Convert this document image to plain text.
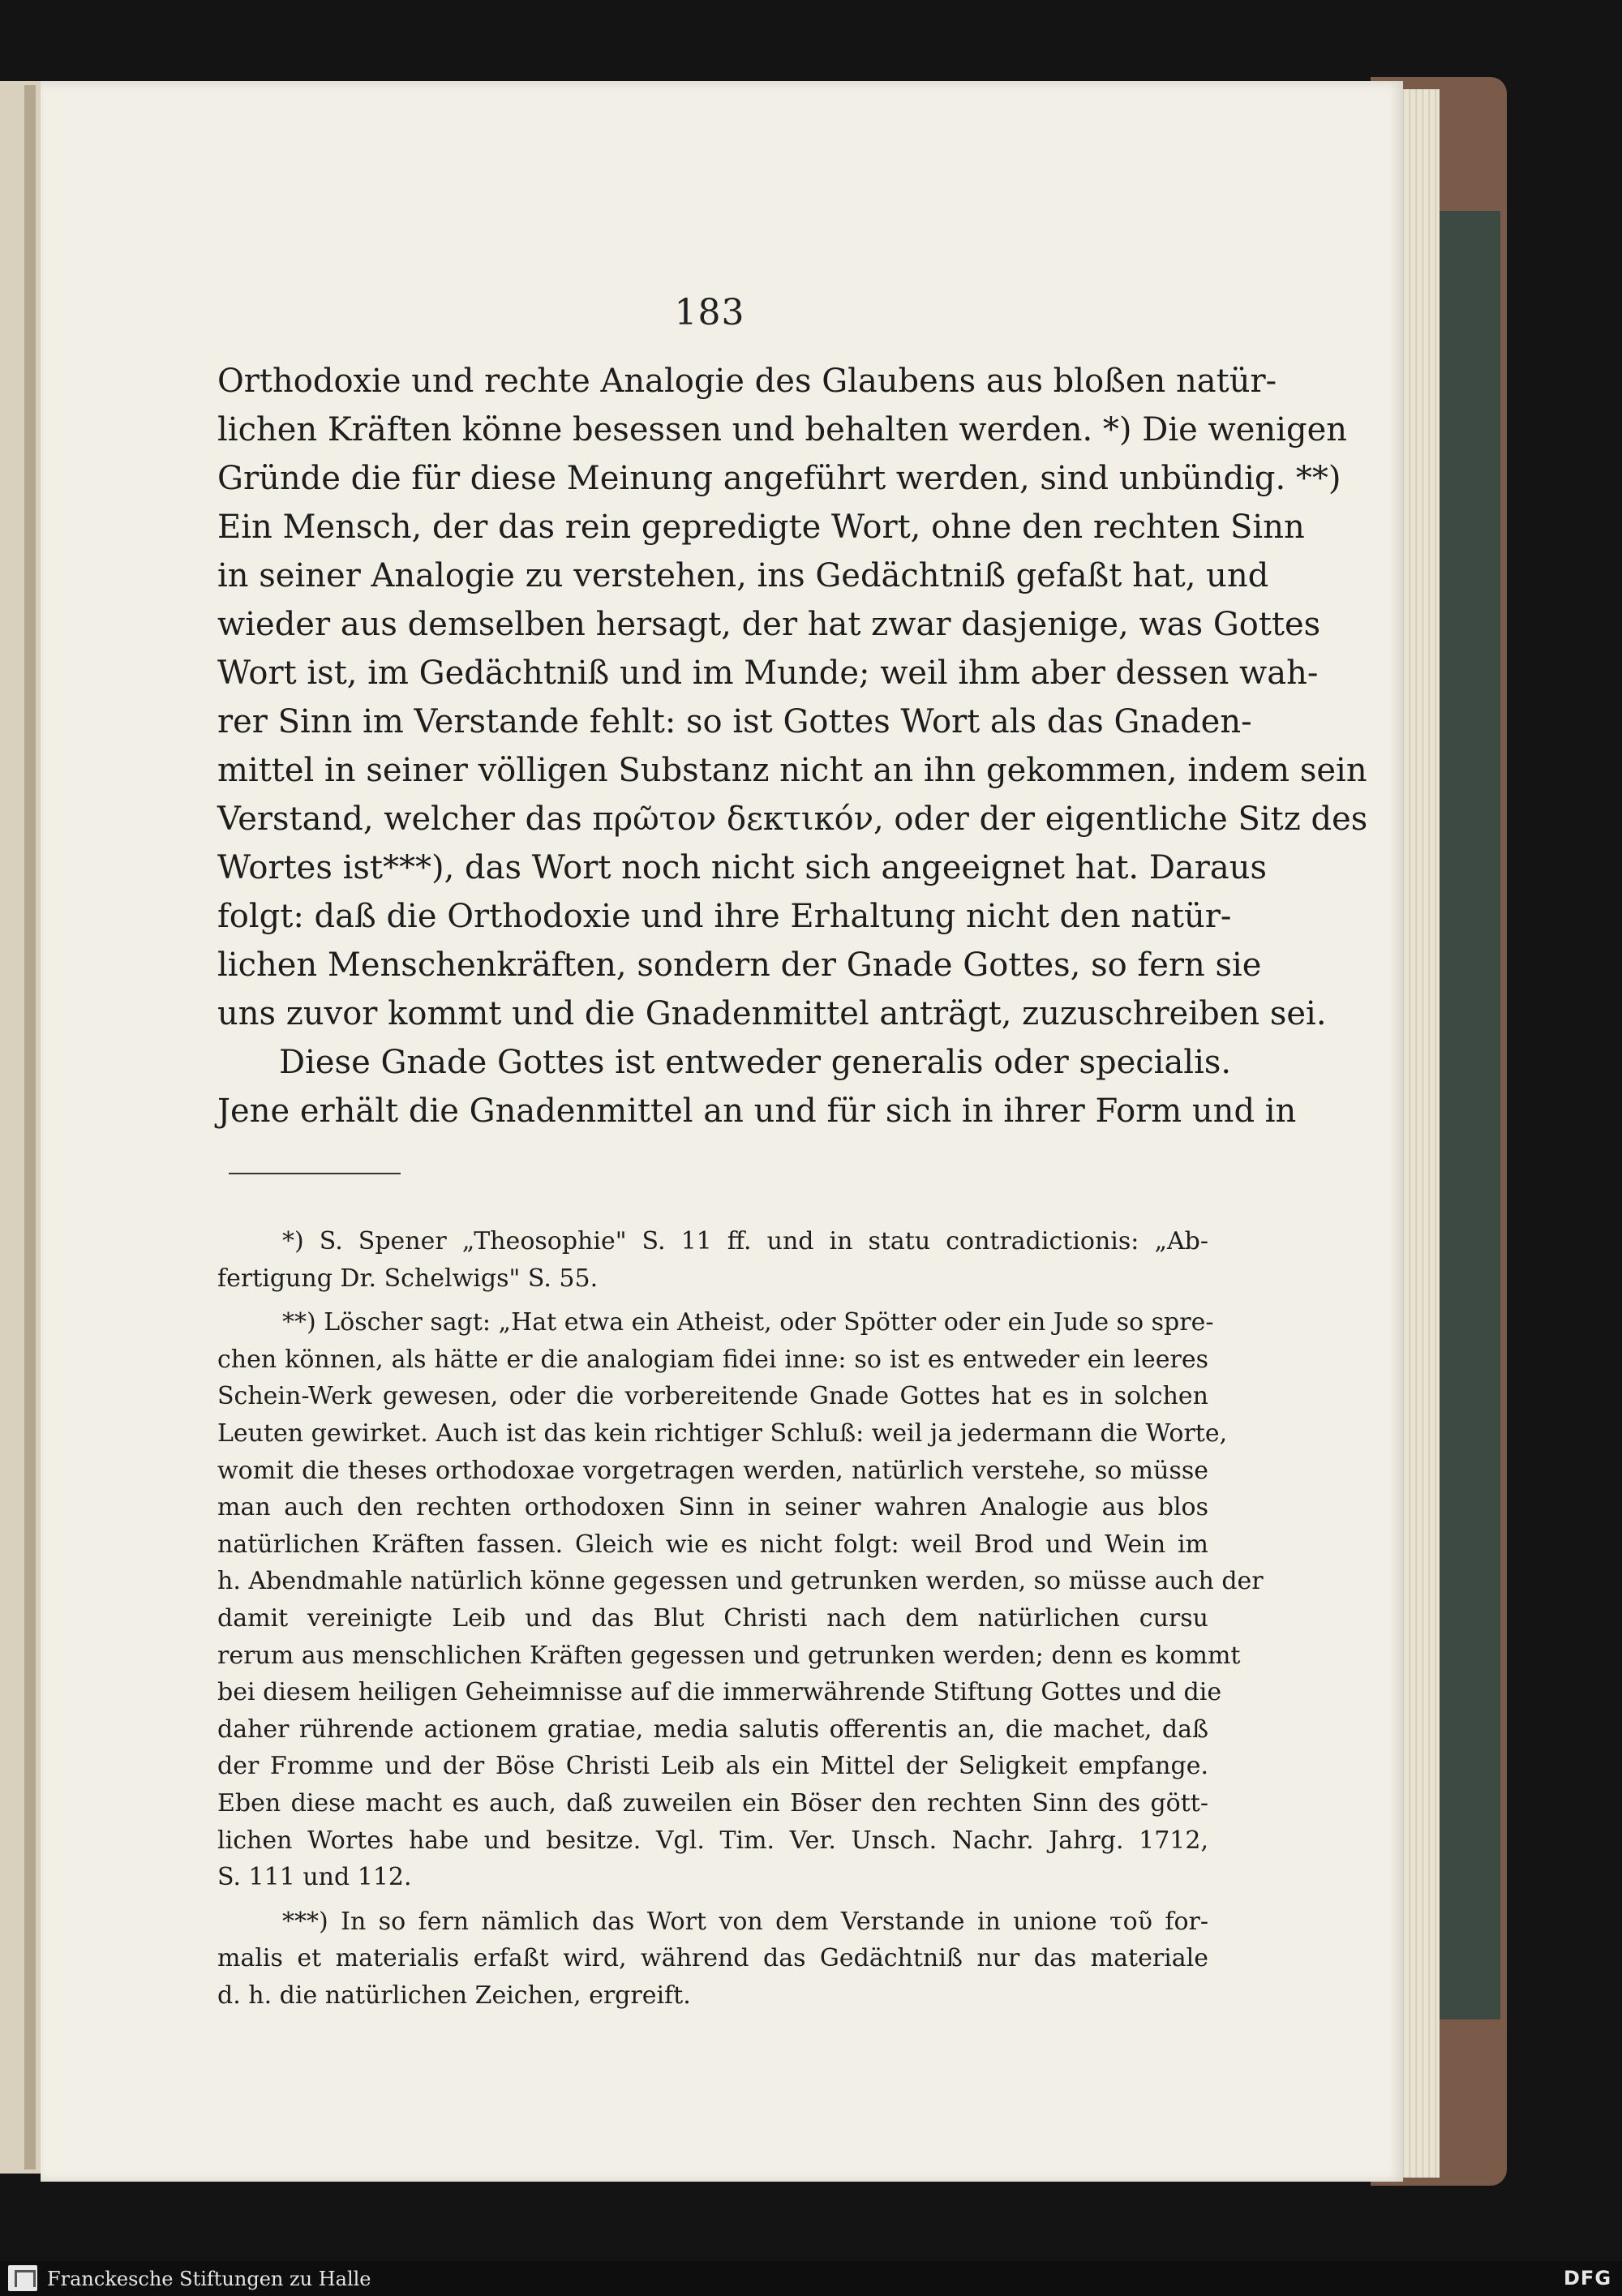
183
Orthodoxie und rechte Analogie des Glaubens aus bloßen natür-
lichen Kräften könne besessen und behalten werden. *) Die wenigen
Gründe die für diese Meinung angeführt werden, sind unbündig. **)
Ein Mensch, der das rein gepredigte Wort, ohne den rechten Sinn
in seiner Analogie zu verstehen, ins Gedächtniß gefaßt hat, und
wieder aus demselben hersagt, der hat zwar dasjenige, was Gottes
Wort ist, im Gedächtniß und im Munde; weil ihm aber dessen wah-
rer Sinn im Verstande fehlt: so ist Gottes Wort als das Gnaden-
mittel in seiner völligen Substanz nicht an ihn gekommen, indem sein
Verstand, welcher das πρῶτον δεκτικόν, oder der eigentliche Sitz des
Wortes ist***), das Wort noch nicht sich angeeignet hat. Daraus
folgt: daß die Orthodoxie und ihre Erhaltung nicht den natür-
lichen Menschenkräften, sondern der Gnade Gottes, so fern sie
uns zuvor kommt und die Gnadenmittel anträgt, zuzuschreiben sei.
Diese Gnade Gottes ist entweder generalis oder specialis.
Jene erhält die Gnadenmittel an und für sich in ihrer Form und in
*) S. Spener „Theosophie" S. 11 ff. und in statu contradictionis: „Ab-
fertigung Dr. Schelwigs" S. 55.
**) Löscher sagt: „Hat etwa ein Atheist, oder Spötter oder ein Jude so spre-
chen können, als hätte er die analogiam fidei inne: so ist es entweder ein leeres
Schein-Werk gewesen, oder die vorbereitende Gnade Gottes hat es in solchen
Leuten gewirket. Auch ist das kein richtiger Schluß: weil ja jedermann die Worte,
womit die theses orthodoxae vorgetragen werden, natürlich verstehe, so müsse
man auch den rechten orthodoxen Sinn in seiner wahren Analogie aus blos
natürlichen Kräften fassen. Gleich wie es nicht folgt: weil Brod und Wein im
h. Abendmahle natürlich könne gegessen und getrunken werden, so müsse auch der
damit vereinigte Leib und das Blut Christi nach dem natürlichen cursu
rerum aus menschlichen Kräften gegessen und getrunken werden; denn es kommt
bei diesem heiligen Geheimnisse auf die immerwährende Stiftung Gottes und die
daher rührende actionem gratiae, media salutis offerentis an, die machet, daß
der Fromme und der Böse Christi Leib als ein Mittel der Seligkeit empfange.
Eben diese macht es auch, daß zuweilen ein Böser den rechten Sinn des gött-
lichen Wortes habe und besitze. Vgl. Tim. Ver. Unsch. Nachr. Jahrg. 1712,
S. 111 und 112.
***) In so fern nämlich das Wort von dem Verstande in unione τοῦ for-
malis et materialis erfaßt wird, während das Gedächtniß nur das materiale
d. h. die natürlichen Zeichen, ergreift.
Franckesche Stiftungen zu Halle	DFG
